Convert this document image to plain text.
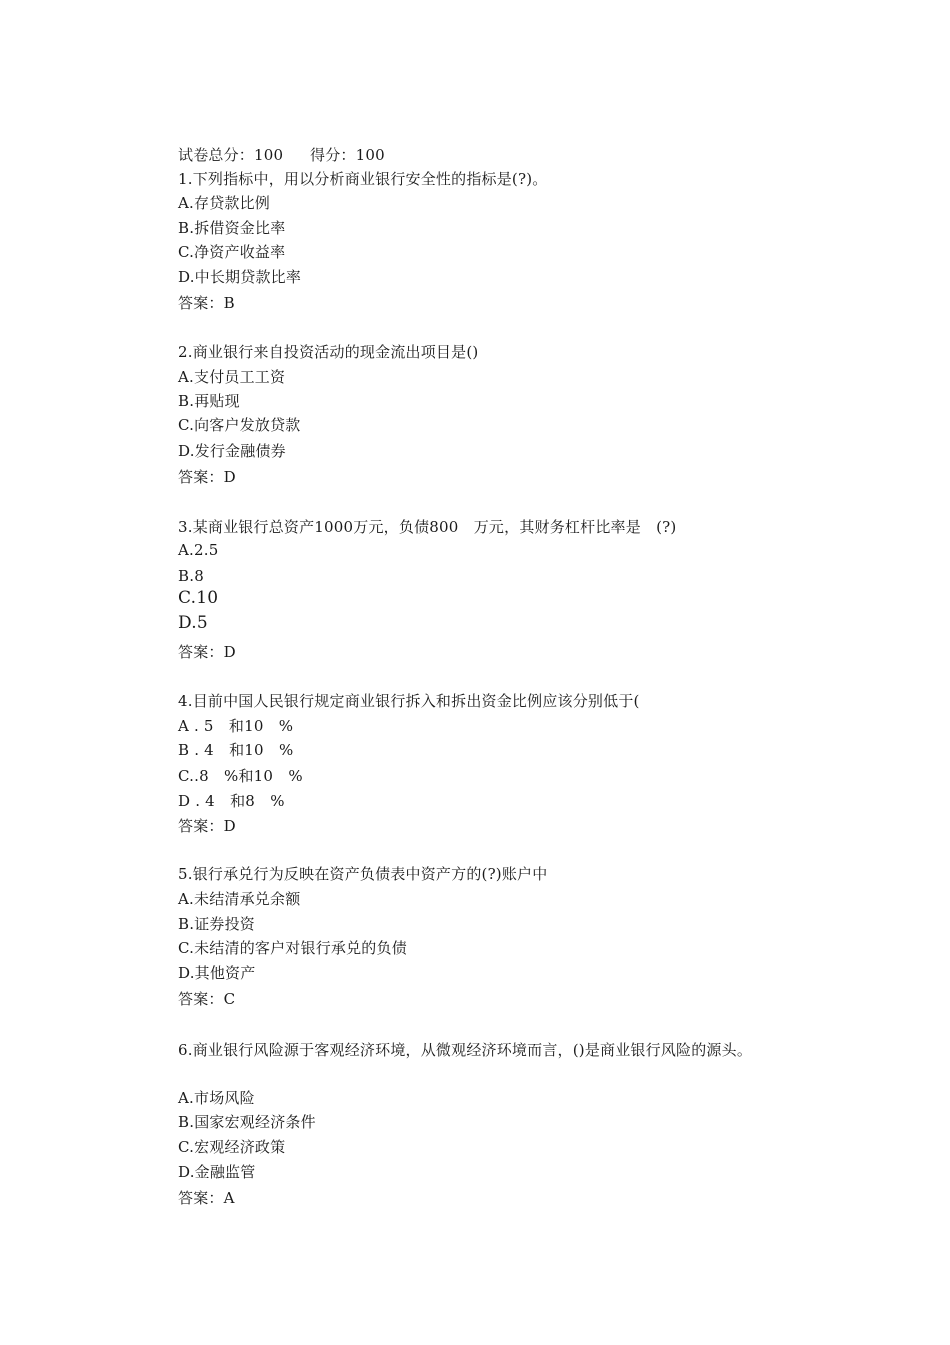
试卷总分：100 得分：100
1.下列指标中，用以分析商业银行安全性的指标是(?)。
A.存贷款比例
B.拆借资金比率
C.净资产收益率
D.中长期贷款比率
答案：B
2.商业银行来自投资活动的现金流出项目是()
A.支付员工工资
B.再贴现
C.向客户发放贷款
D.发行金融债券
答案：D
3.某商业银行总资产1000万元，负债800　万元，其财务杠杆比率是　(?)
A.2.5
B.8
C.10
D.5
答案：D
4.目前中国人民银行规定商业银行拆入和拆出资金比例应该分别低于(
A . 5　和10　%
B . 4　和10　%
C..8　%和10　%
D . 4　和8　%
答案：D
5.银行承兑行为反映在资产负债表中资产方的(?)账户中
A.未结清承兑余额
B.证券投资
C.未结清的客户对银行承兑的负债
D.其他资产
答案：C
6.商业银行风险源于客观经济环境，从微观经济环境而言，()是商业银行风险的源头。
A.市场风险
B.国家宏观经济条件
C.宏观经济政策
D.金融监管
答案：A
